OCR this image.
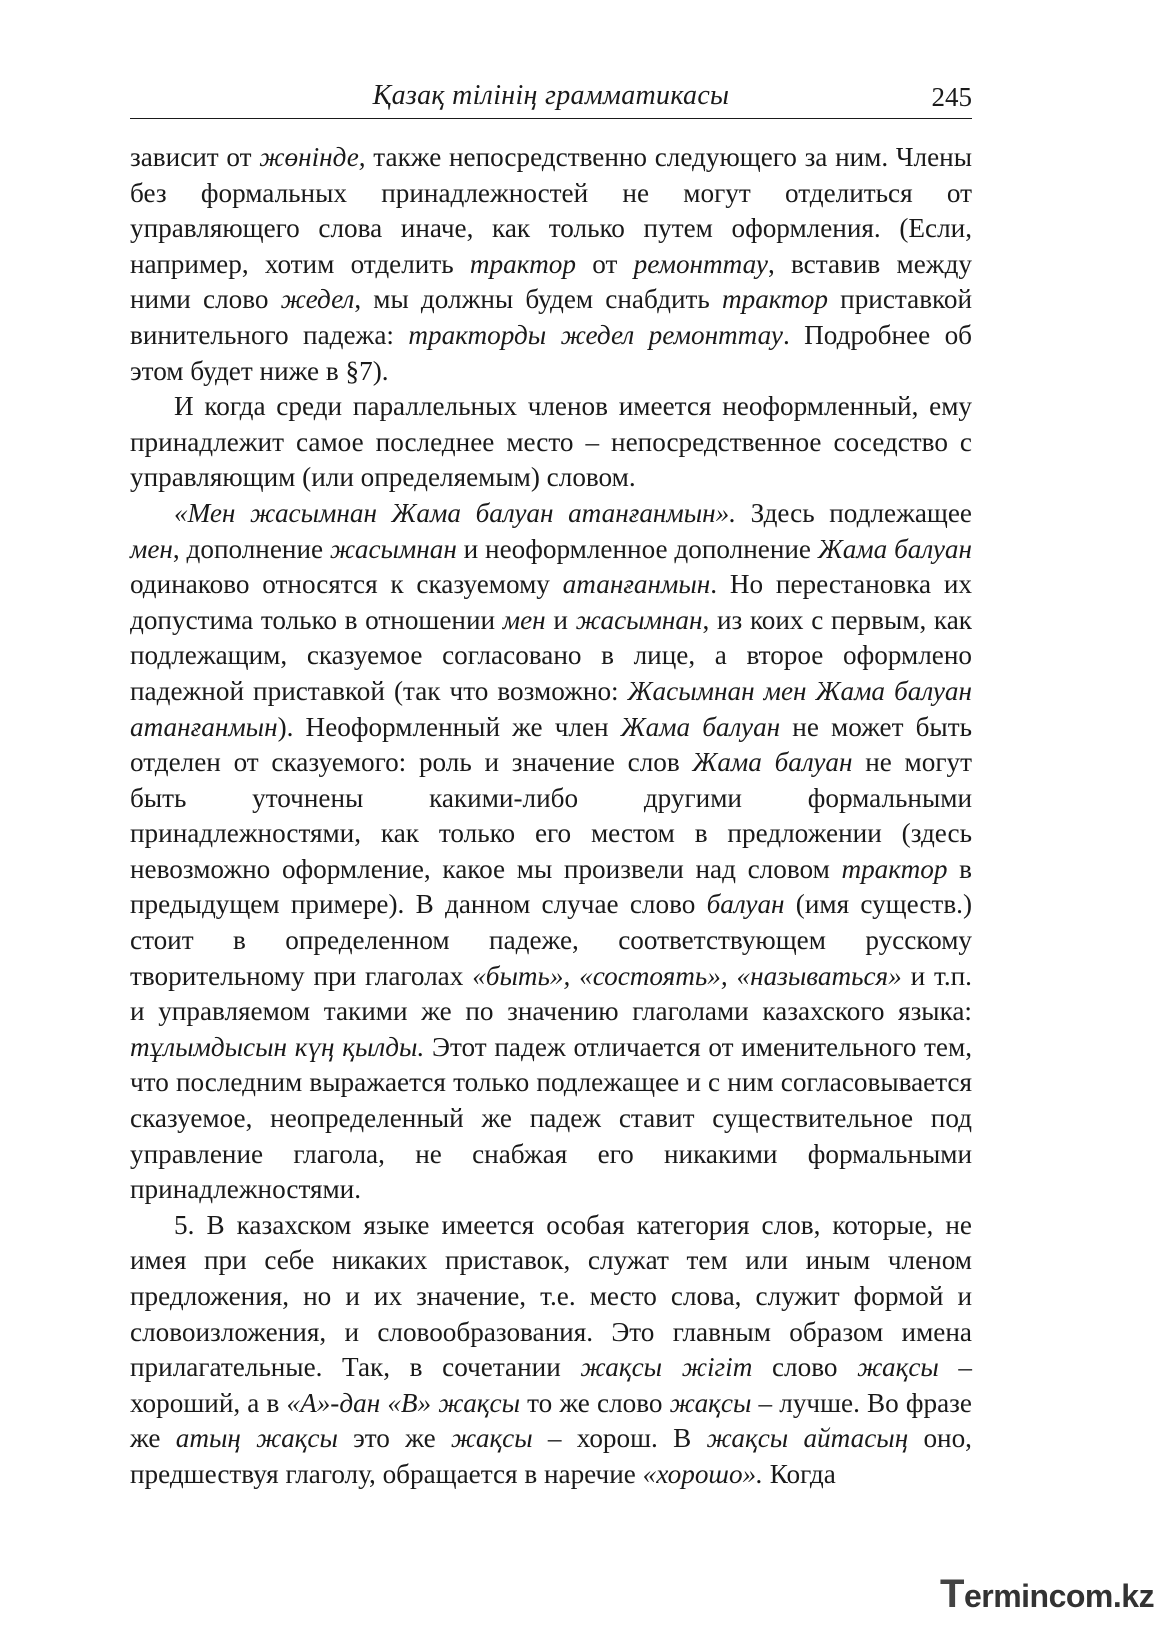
Қазақ тілінің грамматикасы	245

зависит от жөнінде, также непосредственно следующего за ним. Члены без формальных принадлежностей не могут отделиться от управляющего слова иначе, как только путем оформления. (Если, например, хотим отделить трактор от ремонттау, вставив между ними слово жедел, мы должны будем снабдить трактор приставкой винительного падежа: тракторды жедел ремонттау. Подробнее об этом будет ниже в §7).

И когда среди параллельных членов имеется неоформленный, ему принадлежит самое последнее место – непосредственное соседство с управляющим (или определяемым) словом.

«Мен жасымнан Жама балуан атанғанмын». Здесь подлежащее мен, дополнение жасымнан и неоформленное дополнение Жама балуан одинаково относятся к сказуемому атанғанмын. Но перестановка их допустима только в отношении мен и жасымнан, из коих с первым, как подлежащим, сказуемое согласовано в лице, а второе оформлено падежной приставкой (так что возможно: Жасымнан мен Жама балуан атанғанмын). Неоформленный же член Жама балуан не может быть отделен от сказуемого: роль и значение слов Жама балуан не могут быть уточнены какими-либо другими формальными принадлежностями, как только его местом в предложении (здесь невозможно оформление, какое мы произвели над словом трактор в предыдущем примере). В данном случае слово балуан (имя существ.) стоит в определенном падеже, соответствующем русскому творительному при глаголах «быть», «состоять», «называться» и т.п. и управляемом такими же по значению глаголами казахского языка: тұлымдысын күң қылды. Этот падеж отличается от именительного тем, что последним выражается только подлежащее и с ним согласовывается сказуемое, неопределенный же падеж ставит существительное под управление глагола, не снабжая его никакими формальными принадлежностями.

5. В казахском языке имеется особая категория слов, которые, не имея при себе никаких приставок, служат тем или иным членом предложения, но и их значение, т.е. место слова, служит формой и словоизложения, и словообразования. Это главным образом имена прилагательные. Так, в сочетании жақсы жігіт слово жақсы – хороший, а в «А»-дан «В» жақсы то же слово жақсы – лучше. Во фразе же атың жақсы это же жақсы – хорош. В жақсы айтасың оно, предшествуя глаголу, обращается в наречие «хорошо». Когда

Termincom.kz
